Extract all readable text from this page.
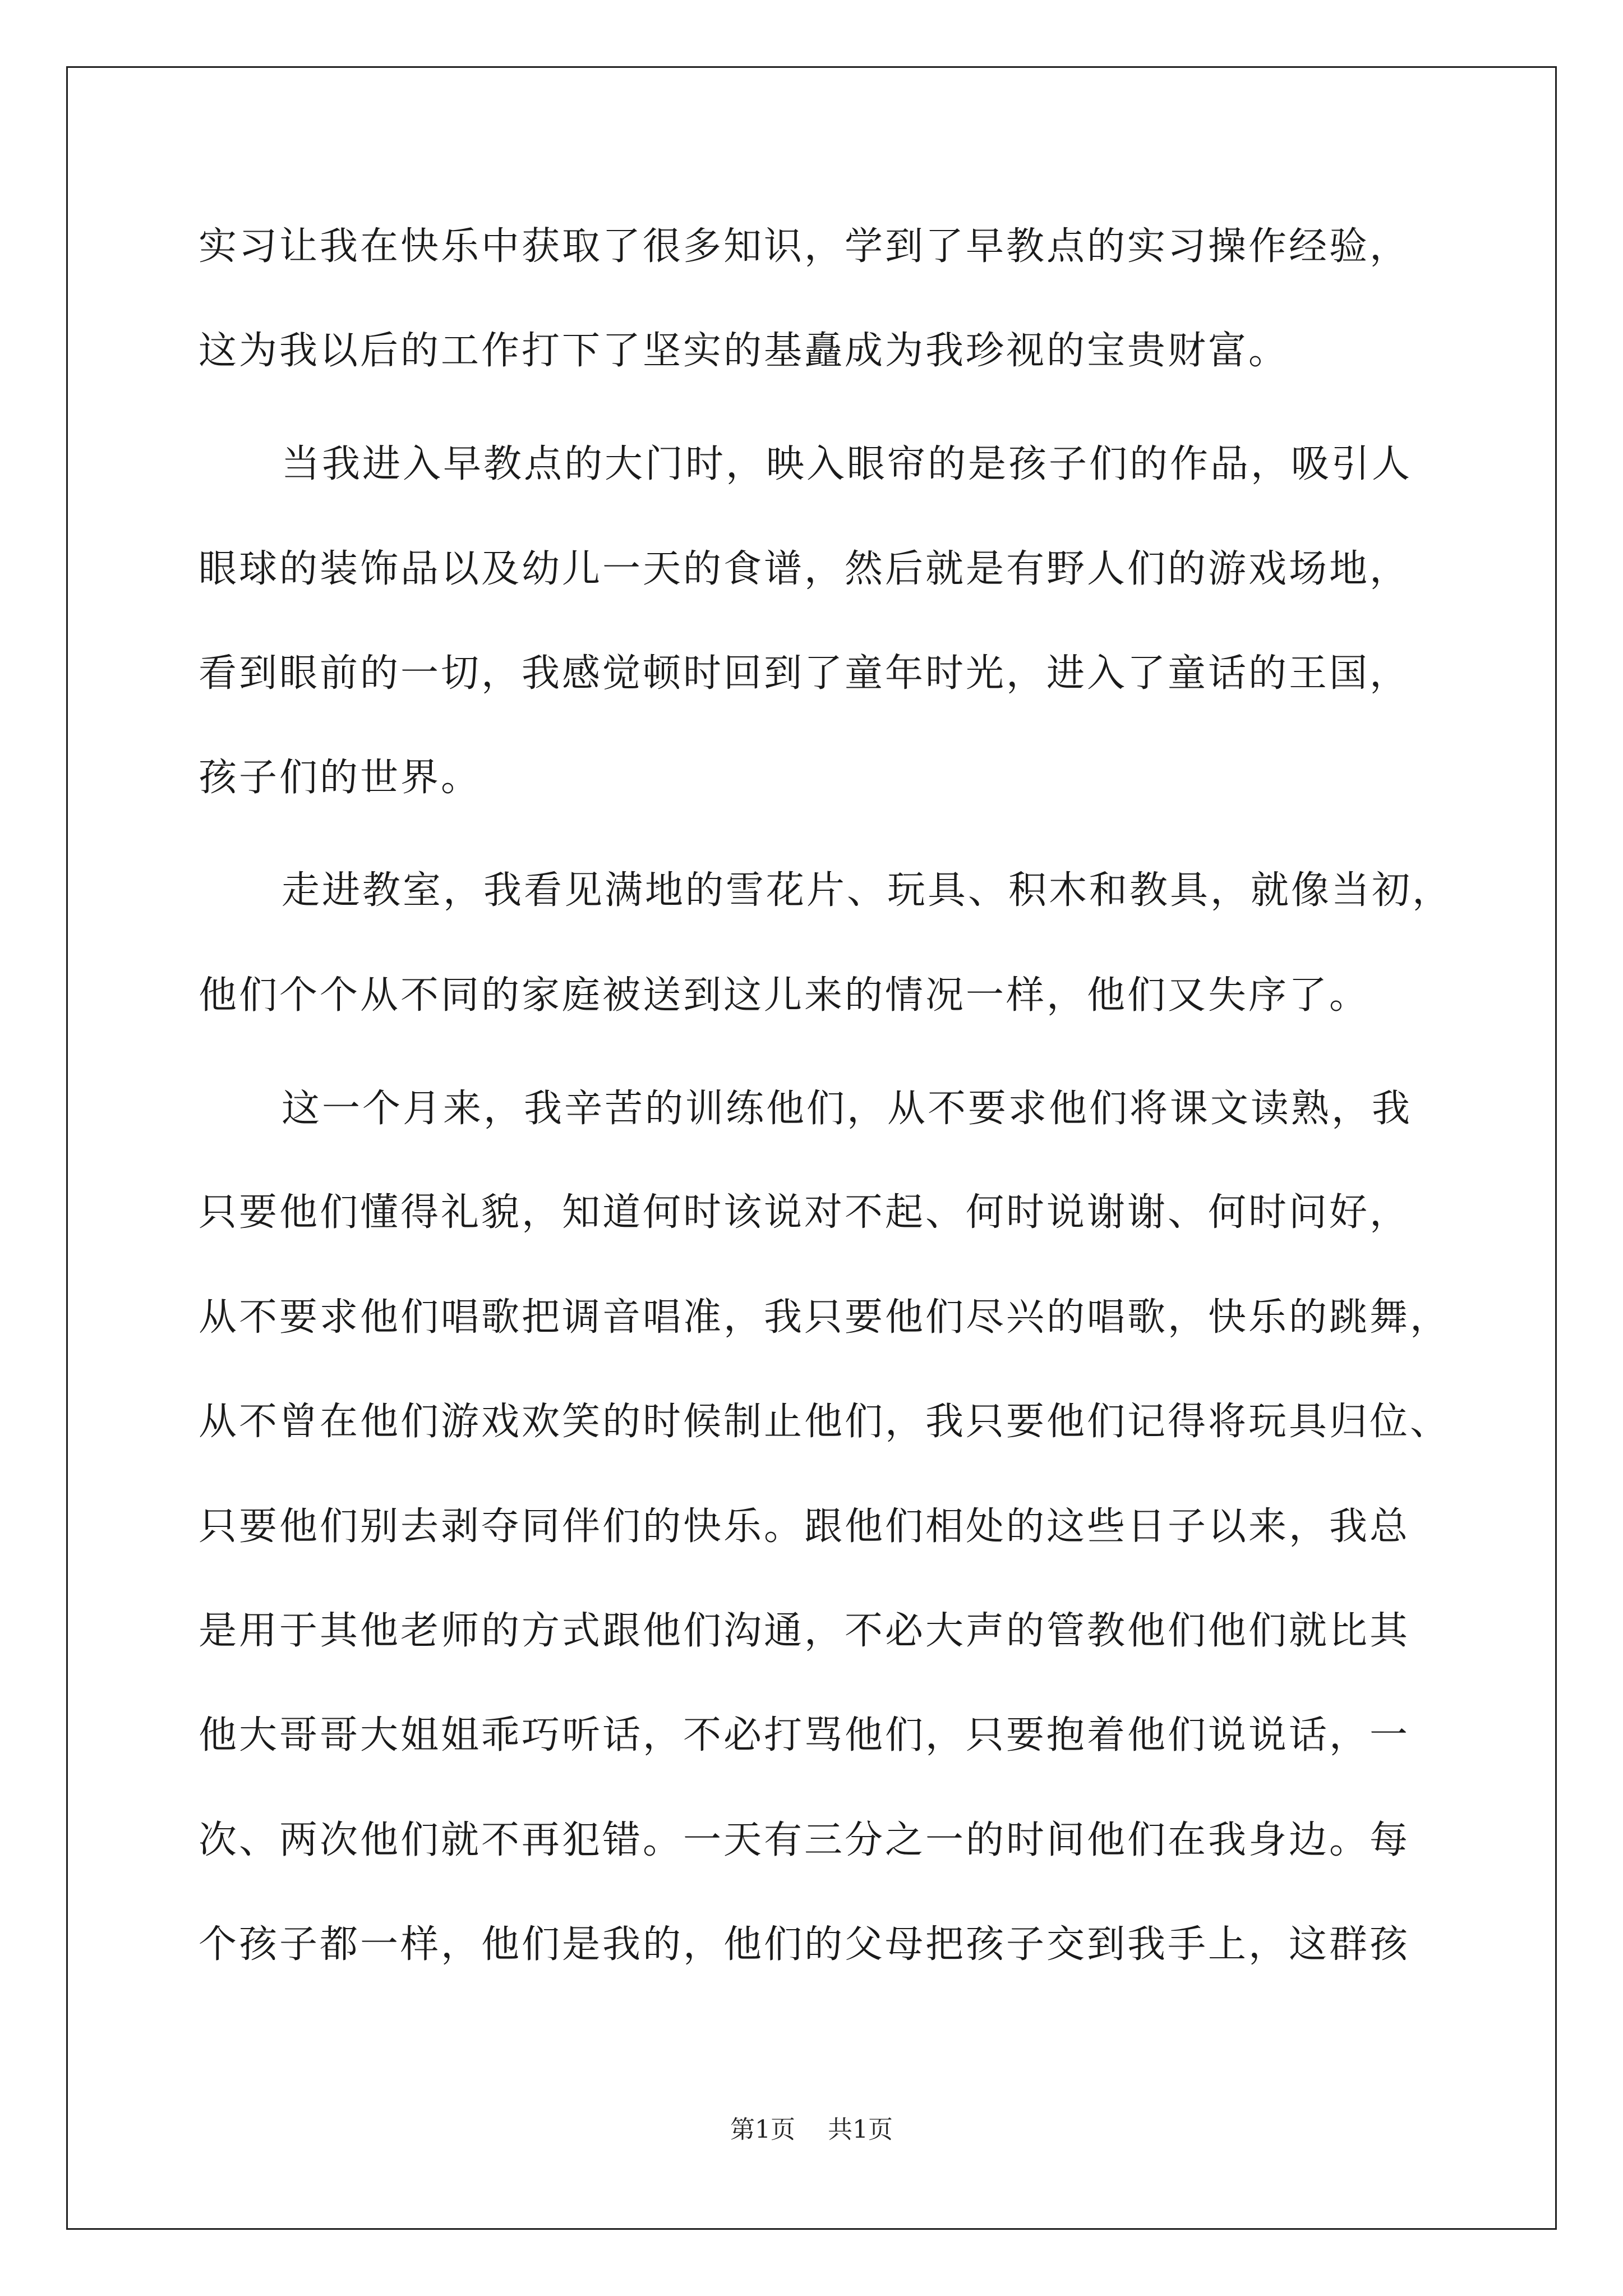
实习让我在快乐中获取了很多知识，学到了早教点的实习操作经验，
这为我以后的工作打下了坚实的基矗成为我珍视的宝贵财富。
当我进入早教点的大门时，映入眼帘的是孩子们的作品，吸引人
眼球的装饰品以及幼儿一天的食谱，然后就是有野人们的游戏场地，
看到眼前的一切，我感觉顿时回到了童年时光，进入了童话的王国，
孩子们的世界。
走进教室，我看见满地的雪花片、玩具、积木和教具，就像当初，
他们个个从不同的家庭被送到这儿来的情况一样，他们又失序了。
这一个月来，我辛苦的训练他们，从不要求他们将课文读熟，我
只要他们懂得礼貌，知道何时该说对不起、何时说谢谢、何时问好，
从不要求他们唱歌把调音唱准，我只要他们尽兴的唱歌，快乐的跳舞，
从不曾在他们游戏欢笑的时候制止他们，我只要他们记得将玩具归位、
只要他们别去剥夺同伴们的快乐。跟他们相处的这些日子以来，我总
是用于其他老师的方式跟他们沟通，不必大声的管教他们他们就比其
他大哥哥大姐姐乖巧听话，不必打骂他们，只要抱着他们说说话，一
次、两次他们就不再犯错。一天有三分之一的时间他们在我身边。每
个孩子都一样，他们是我的，他们的父母把孩子交到我手上，这群孩
第1页 共1页
